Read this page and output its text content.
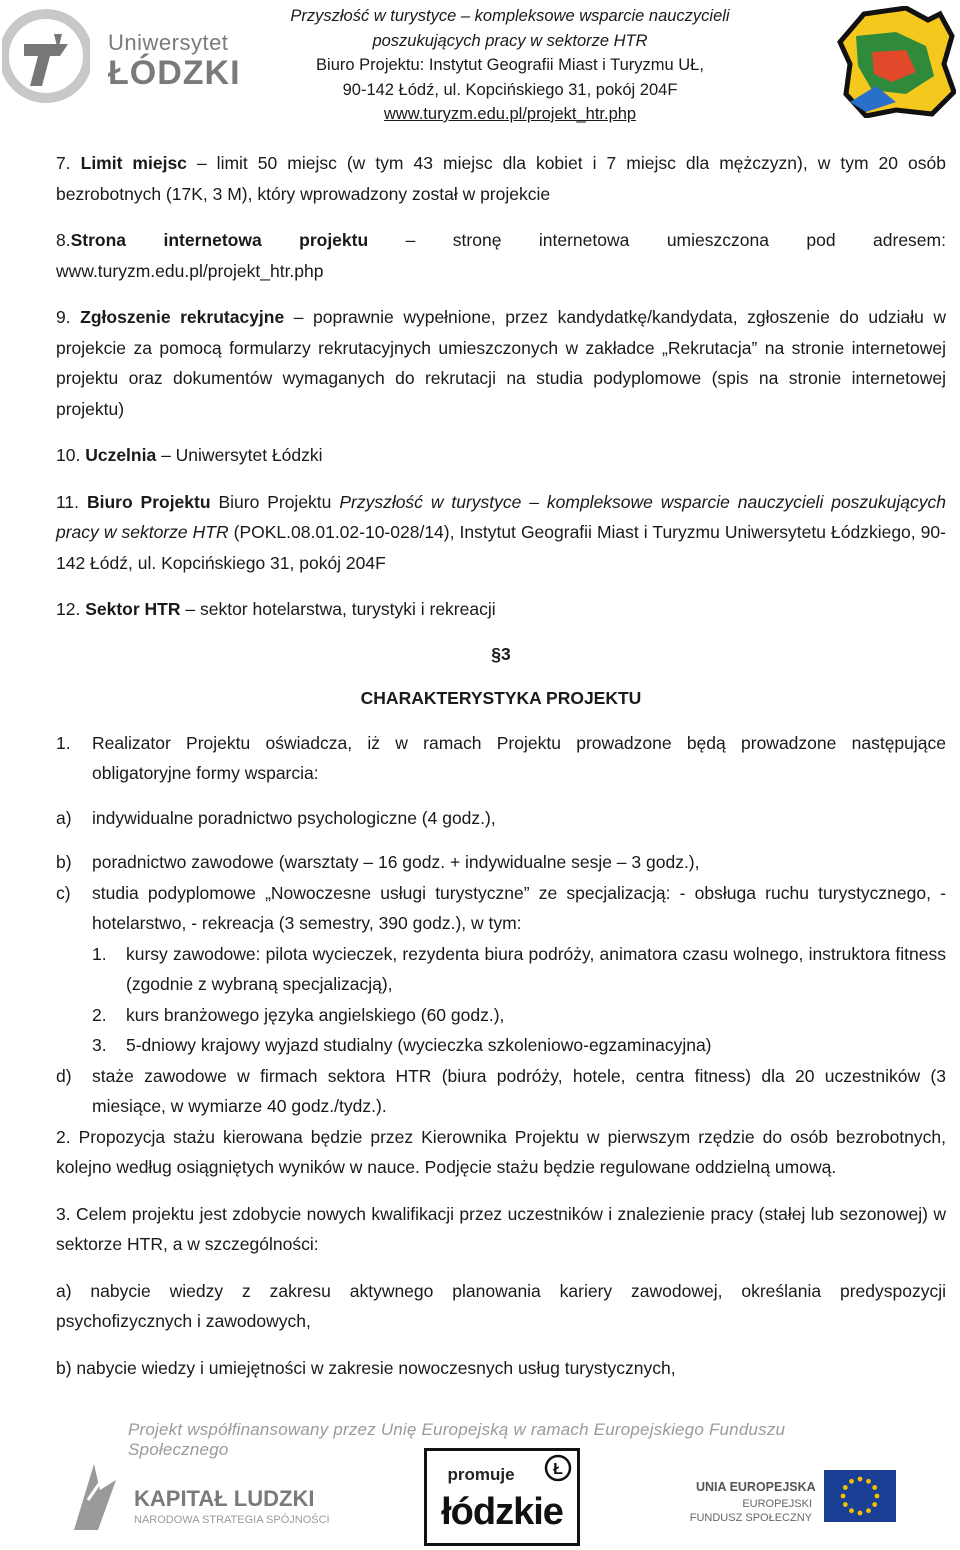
Uniwersytet
ŁÓDZKI
Przyszłość w turystyce – kompleksowe wsparcie nauczycieli
poszukujących pracy w sektorze HTR
Biuro Projektu: Instytut Geografii Miast i Turyzmu UŁ,
90-142 Łódź, ul. Kopcińskiego 31, pokój 204F
www.turyzm.edu.pl/projekt_htr.php

7. Limit miejsc – limit 50 miejsc (w tym 43 miejsc dla kobiet i 7 miejsc dla mężczyzn), w tym 20 osób bezrobotnych (17K, 3 M), który wprowadzony został w projekcie

8.Strona internetowa projektu – stronę internetowa umieszczona pod adresem: www.turyzm.edu.pl/projekt_htr.php

9. Zgłoszenie rekrutacyjne – poprawnie wypełnione, przez kandydatkę/kandydata, zgłoszenie do udziału w projekcie za pomocą formularzy rekrutacyjnych umieszczonych w zakładce „Rekrutacja” na stronie internetowej projektu oraz dokumentów wymaganych do rekrutacji na studia podyplomowe (spis na stronie internetowej projektu)

10. Uczelnia – Uniwersytet Łódzki

11. Biuro Projektu Biuro Projektu Przyszłość w turystyce – kompleksowe wsparcie nauczycieli poszukujących pracy w sektorze HTR (POKL.08.01.02-10-028/14), Instytut Geografii Miast i Turyzmu Uniwersytetu Łódzkiego, 90-142 Łódź, ul. Kopcińskiego 31, pokój 204F

12. Sektor HTR – sektor hotelarstwa, turystyki i rekreacji

§3
CHARAKTERYSTYKA PROJEKTU
1.	Realizator Projektu oświadcza, iż w ramach Projektu prowadzone będą prowadzone następujące obligatoryjne formy wsparcia:
a)	indywidualne poradnictwo psychologiczne (4 godz.),
b)	poradnictwo zawodowe (warsztaty – 16 godz. + indywidualne sesje – 3 godz.),
c)	studia podyplomowe „Nowoczesne usługi turystyczne” ze specjalizacją: - obsługa ruchu turystycznego, - hotelarstwo, - rekreacja (3 semestry, 390 godz.), w tym:
1.	kursy zawodowe: pilota wycieczek, rezydenta biura podróży, animatora czasu wolnego, instruktora fitness (zgodnie z wybraną specjalizacją),
2.	kurs branżowego języka angielskiego (60 godz.),
3.	5-dniowy krajowy wyjazd studialny (wycieczka szkoleniowo-egzaminacyjna)
d)	staże zawodowe w firmach sektora HTR (biura podróży, hotele, centra fitness) dla 20 uczestników (3 miesiące, w wymiarze 40 godz./tydz.).

2. Propozycja stażu kierowana będzie przez Kierownika Projektu w pierwszym rzędzie do osób bezrobotnych, kolejno według osiągniętych wyników w nauce. Podjęcie stażu będzie regulowane oddzielną umową.

3. Celem projektu jest zdobycie nowych kwalifikacji przez uczestników i znalezienie pracy (stałej lub sezonowej) w sektorze HTR, a w szczególności:

a) nabycie wiedzy z zakresu aktywnego planowania kariery zawodowej, określania predyspozycji psychofizycznych i zawodowych,

b) nabycie wiedzy i umiejętności w zakresie nowoczesnych usług turystycznych,

Projekt współfinansowany przez Unię Europejską w ramach Europejskiego Funduszu Społecznego
KAPITAŁ LUDZKI
NARODOWA STRATEGIA SPÓJNOŚCI
promuje	Ł
łódzkie
UNIA EUROPEJSKA
EUROPEJSKI
FUNDUSZ SPOŁECZNY
